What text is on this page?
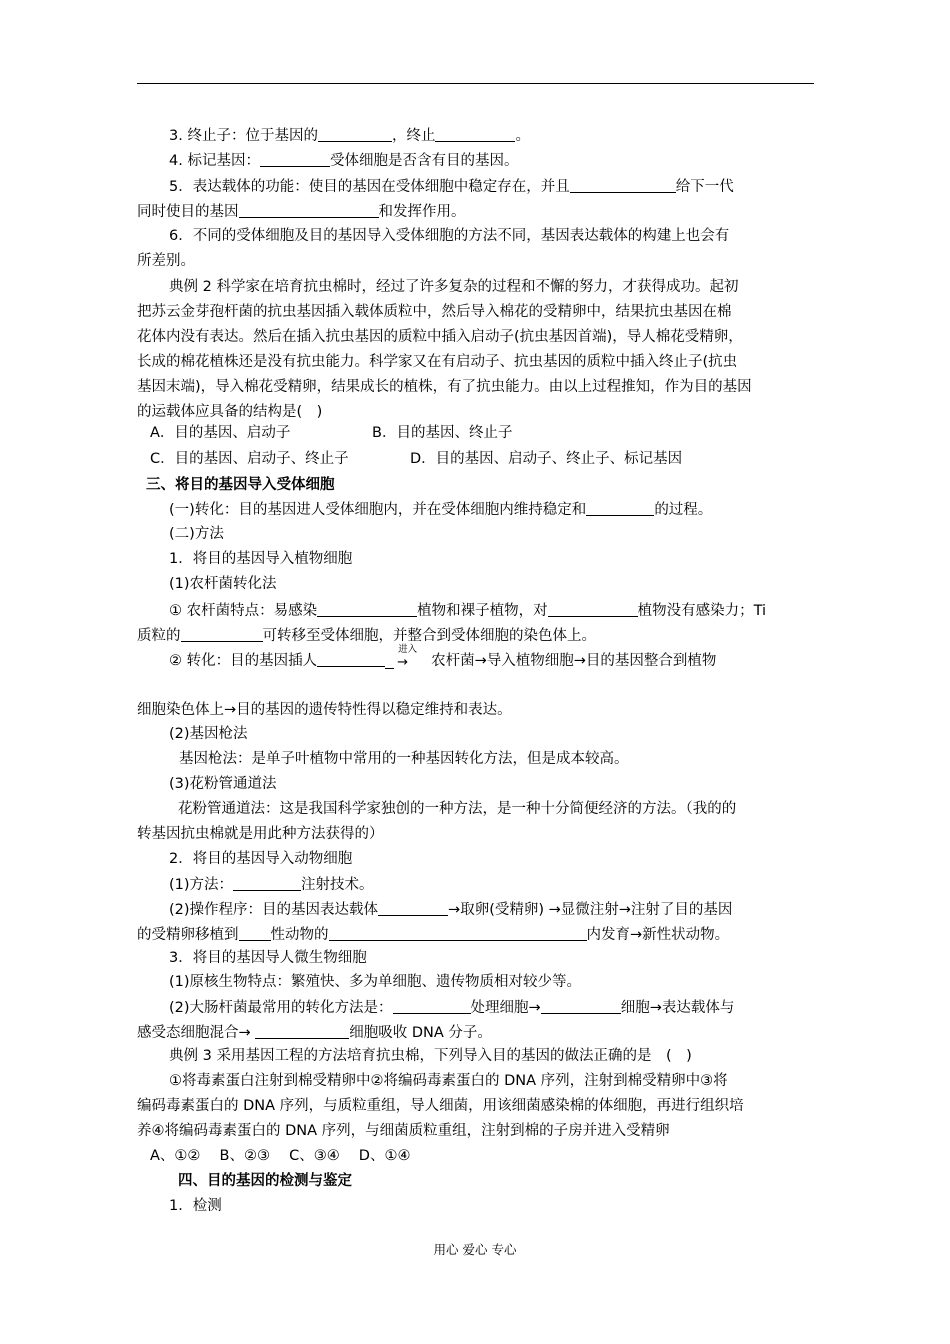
3. 终止子：位于基因的	，终止	。
4. 标记基因：	受体细胞是否含有目的基因。
5．表达载体的功能：使目的基因在受体细胞中稳定存在，并且	给下一代
同时使目的基因	和发挥作用。
6．不同的受体细胞及目的基因导入受体细胞的方法不同，基因表达载体的构建上也会有
所差别。
典例 2 科学家在培育抗虫棉时，经过了许多复杂的过程和不懈的努力，才获得成功。起初
把苏云金芽孢杆菌的抗虫基因插入载体质粒中，然后导入棉花的受精卵中，结果抗虫基因在棉
花体内没有表达。然后在插入抗虫基因的质粒中插入启动子(抗虫基因首端)，导人棉花受精卵，
长成的棉花植株还是没有抗虫能力。科学家又在有启动子、抗虫基因的质粒中插入终止子(抗虫
基因末端)，导入棉花受精卵，结果成长的植株，有了抗虫能力。由以上过程推知，作为目的基因
的运载体应具备的结构是(　)
A．目的基因、启动子	B．目的基因、终止子
C．目的基因、启动子、终止子	D．目的基因、启动子、终止子、标记基因
三、将目的基因导入受体细胞
(一)转化：目的基因进人受体细胞内，并在受体细胞内维持稳定和	的过程。
(二)方法
1．将目的基因导入植物细胞
(1)农杆菌转化法
① 农杆菌特点：易感染	植物和裸子植物，对	植物没有感染力；Ti
质粒的	可转移至受体细胞，并整合到受体细胞的染色体上。
② 转化：目的基因插人
进入
→ 农杆菌→导入植物细胞→目的基因整合到植物
细胞染色体上→目的基因的遗传特性得以稳定维持和表达。
(2)基因枪法
基因枪法：是单子叶植物中常用的一种基因转化方法，但是成本较高。
(3)花粉管通道法
花粉管通道法：这是我国科学家独创的一种方法，是一种十分简便经济的方法。（我的的
转基因抗虫棉就是用此种方法获得的）
2．将目的基因导入动物细胞
(1)方法：	注射技术。
(2)操作程序：目的基因表达载体	→取卵(受精卵) →显微注射→注射了目的基因
的受精卵移植到 性动物的	内发育→新性状动物。
3．将目的基因导人微生物细胞
(1)原核生物特点：繁殖快、多为单细胞、遗传物质相对较少等。
(2)大肠杆菌最常用的转化方法是：	处理细胞→	细胞→表达载体与
感受态细胞混合→	细胞吸收 DNA 分子。
典例 3 采用基因工程的方法培育抗虫棉，下列导入目的基因的做法正确的是　(　)
①将毒素蛋白注射到棉受精卵中②将编码毒素蛋白的 DNA 序列，注射到棉受精卵中③将
编码毒素蛋白的 DNA 序列，与质粒重组，导人细菌，用该细菌感染棉的体细胞，再进行组织培
养④将编码毒素蛋白的 DNA 序列，与细菌质粒重组，注射到棉的子房并进入受精卵
A、①②　 B、②③　 C、③④　 D、①④
四、目的基因的检测与鉴定
1．检测
用心 爱心 专心
